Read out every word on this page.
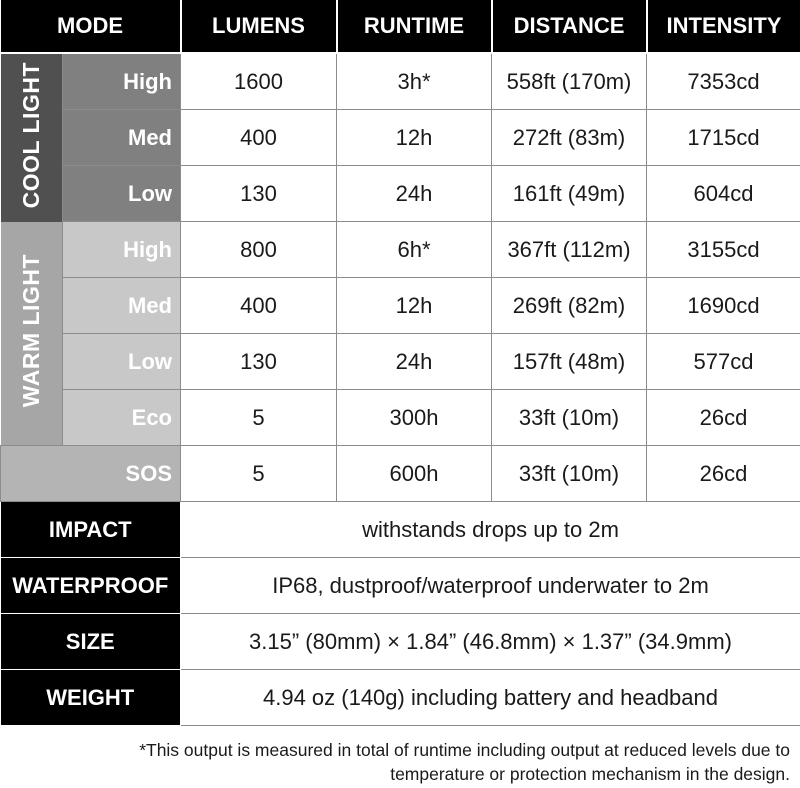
MODE		LUMENS	RUNTIME	DISTANCE	INTENSITY
COOL LIGHT	High	1600	3h*	558ft (170m)	7353cd
	Med	400	12h	272ft (83m)	1715cd
	Low	130	24h	161ft (49m)	604cd
WARM LIGHT	High	800	6h*	367ft (112m)	3155cd
	Med	400	12h	269ft (82m)	1690cd
	Low	130	24h	157ft (48m)	577cd
	Eco	5	300h	33ft (10m)	26cd
SOS		5	600h	33ft (10m)	26cd
IMPACT		withstands drops up to 2m			
WATERPROOF		IP68, dustproof/waterproof underwater to 2m			
SIZE		3.15” (80mm) × 1.84” (46.8mm) × 1.37” (34.9mm)			
WEIGHT		4.94 oz (140g) including battery and headband			
*This output is measured in total of runtime including output at reduced levels due to
temperature or protection mechanism in the design.
